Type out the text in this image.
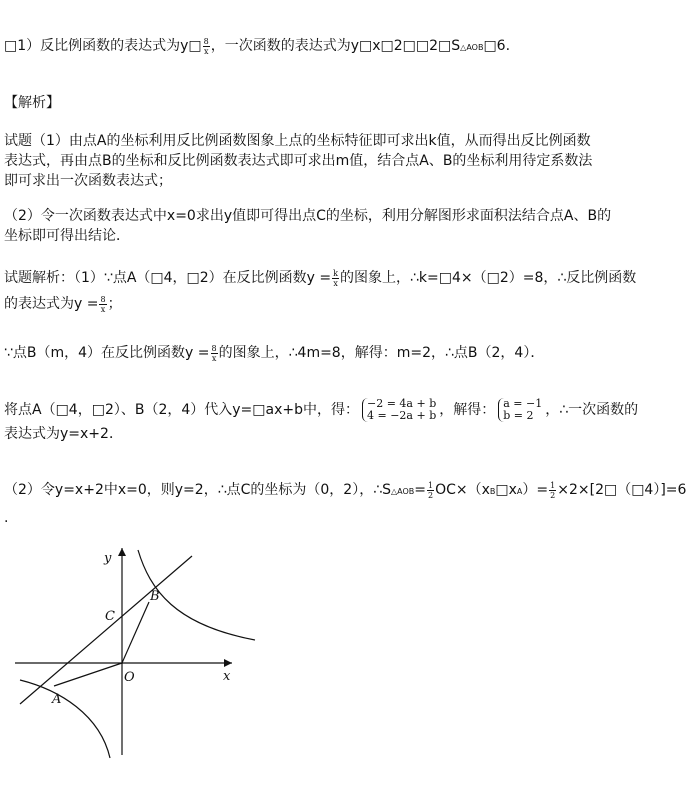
□1）反比例函数的表达式为y□ $\frac{8}{x}$ ，一次函数的表达式为y□x□2□□2□S△AOB□6.
【解析】
试题（1）由点A的坐标利用反比例函数图象上点的坐标特征即可求出k值，从而得出反比例函数
表达式，再由点B的坐标和反比例函数表达式即可求出m值，结合点A、B的坐标利用待定系数法
即可求出一次函数表达式；
（2）令一次函数表达式中x=0求出y值即可得出点C的坐标，利用分解图形求面积法结合点A、B的
坐标即可得出结论．
试题解析：（1）∵点A（□4，□2）在反比例函数$y = \frac{k}{x}$ 的图象上，∴k=□4×（□2）=8，∴反比例函数
的表达式为$y = \frac{8}{x}$ ；
∵点B（m，4）在反比例函数$y = \frac{8}{x}$ 的图象上，∴4m=8，解得：m=2，∴点B（2，4）．
将点A（□4，□2）、B（2，4）代入y=□ax+b中，得： −2 = 4a + b
4 = −2a + b ，解得： a = −1
b = 2 ，∴一次函数的
表达式为y=x+2．
（2）令y=x+2中x=0，则y=2，∴点C的坐标为（0，2），∴S△AOB= $\frac{1}{2}$ OC×（xB□xA）= $\frac{1}{2}$ ×2×[2□（□4）]=6
.
y
x
O
A
B
C
